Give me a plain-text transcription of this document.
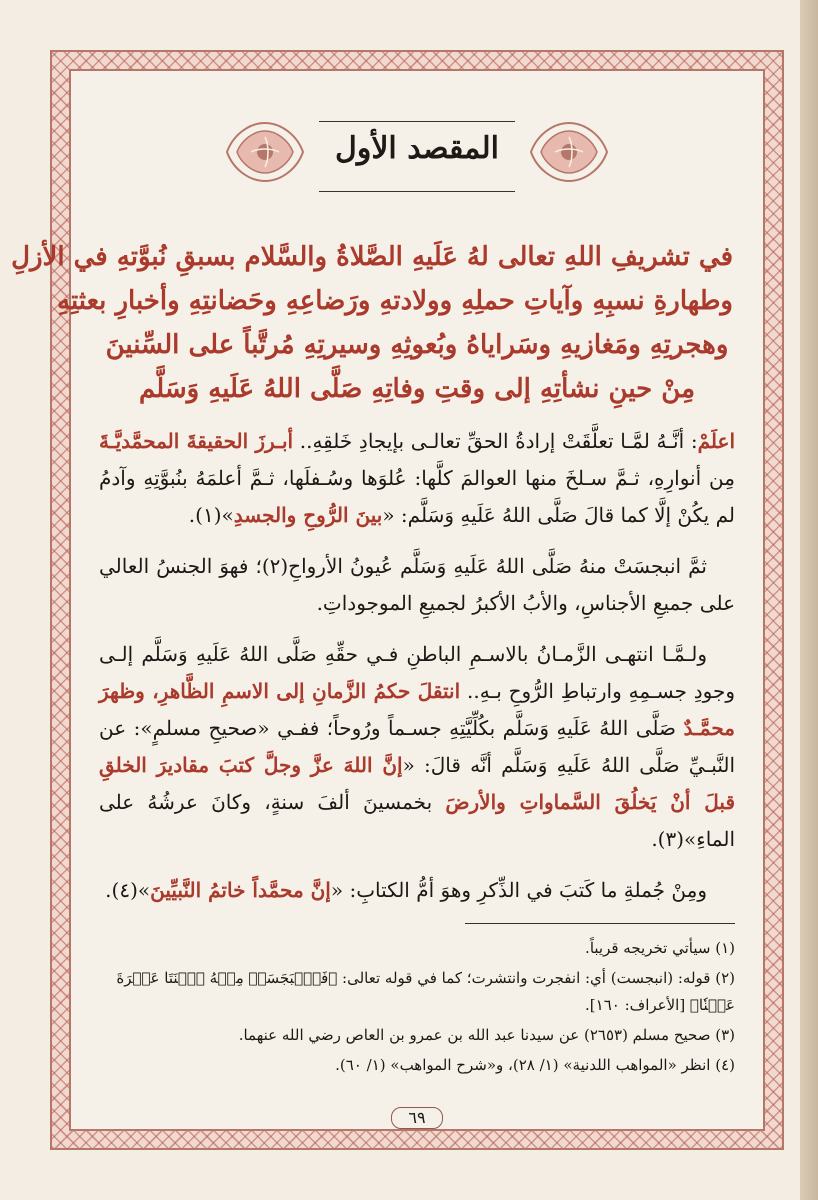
المقصد الأول
في تشريفِ اللهِ تعالى لهُ عَلَيهِ الصَّلاةُ والسَّلام بسبقِ نُبوَّتهِ في الأزلِ
وطهارةِ نسبِهِ وآياتِ حملِهِ وولادتهِ ورَضاعِهِ وحَضانتِهِ وأخبارِ بعثتِهِ
وهجرتِهِ ومَغازيهِ وسَراياهُ وبُعوثِهِ وسيرتِهِ مُرتَّباً على السِّنينَ
مِنْ حينِ نشأتِهِ إلى وقتِ وفاتِهِ صَلَّى اللهُ عَلَيهِ وَسَلَّم

اعلَمْ: أنَّـهُ لمَّـا تعلَّقَتْ إرادةُ الحقِّ تعالـى بإيجادِ خَلقِهِ.. أبـرزَ الحقيقةَ المحمَّديَّـةَ مِن أنوارِهِ، ثـمَّ سـلخَ منها العوالمَ كلَّها: عُلوَها وسُـفلَها، ثـمَّ أعلمَهُ بنُبوَّتِهِ وآدمُ لم يكُنْ إلَّا كما قالَ صَلَّى اللهُ عَلَيهِ وَسَلَّم: «بينَ الرُّوحِ والجسدِ»(١).

ثمَّ انبجسَتْ منهُ صَلَّى اللهُ عَلَيهِ وَسَلَّم عُيونُ الأرواحِ(٢)؛ فهوَ الجنسُ العالي على جميعِ الأجناسِ، والأبُ الأكبرُ لجميعِ الموجوداتِ.

ولـمَّـا انتهـى الزَّمـانُ بالاسـمِ الباطنِ فـي حقِّهِ صَلَّى اللهُ عَلَيهِ وَسَلَّم إلـى وجودِ جسـمِهِ وارتباطِ الرُّوحِ بـهِ.. انتقلَ حكمُ الزَّمانِ إلى الاسمِ الظَّاهرِ، وظهرَ محمَّـدٌ صَلَّى اللهُ عَلَيهِ وَسَلَّم بكُلِّيَّتِهِ جسـماً ورُوحاً؛ ففـي «صحيحِ مسلمٍ»: عن النَّبـيِّ صَلَّى اللهُ عَلَيهِ وَسَلَّم أنَّه قالَ: «إنَّ اللهَ عزَّ وجلَّ كتبَ مقاديرَ الخلقِ قبلَ أنْ يَخلُقَ السَّماواتِ والأرضَ بخمسينَ ألفَ سنةٍ، وكانَ عرشُهُ على الماءِ»(٣).

ومِنْ جُملةِ ما كَتبَ في الذِّكرِ وهوَ أمُّ الكتابِ: «إنَّ محمَّداً خاتمُ النَّبيِّينَ»(٤).

(١) سيأتي تخريجه قريباً.
(٢) قوله: (انبجست) أي: انفجرت وانتشرت؛ كما في قوله تعالى: ﴿فَٱنۢبَجَسَتۡ مِنۡهُ ٱثۡنَتَا عَشۡرَةَ عَيۡنٗا﴾ [الأعراف: ١٦٠].
(٣) صحيح مسلم (٢٦٥٣) عن سيدنا عبد الله بن عمرو بن العاص رضي الله عنهما.
(٤) انظر «المواهب اللدنية» (١/ ٢٨)، و«شرح المواهب» (١/ ٦٠).
٦٩
